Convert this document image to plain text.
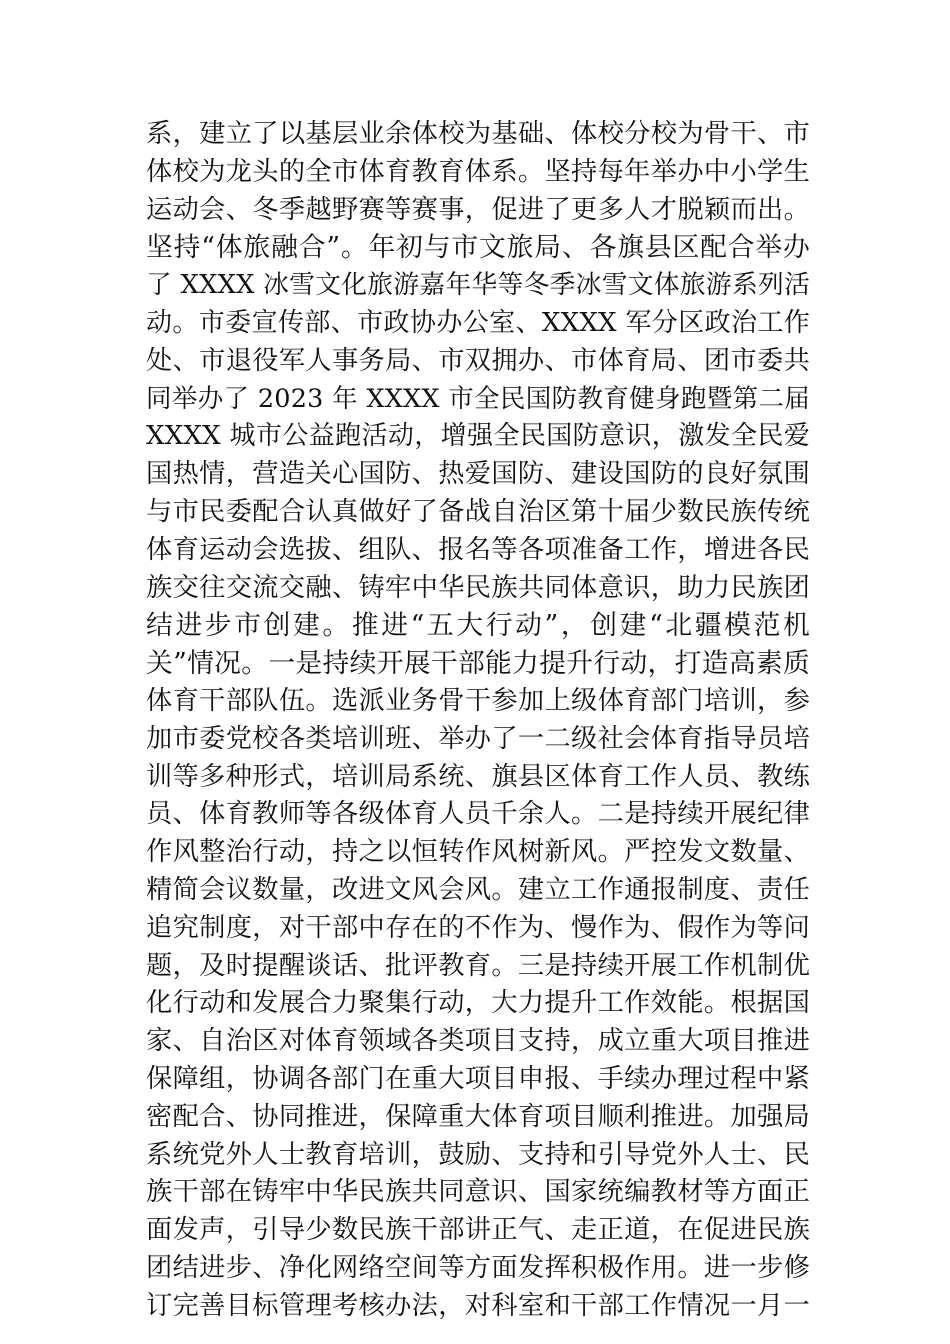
系，建立了以基层业余体校为基础、体校分校为骨干、市
体校为龙头的全市体育教育体系。坚持每年举办中小学生
运动会、冬季越野赛等赛事，促进了更多人才脱颖而出。
坚持“体旅融合”。年初与市文旅局、各旗县区配合举办
了 XXXX 冰雪文化旅游嘉年华等冬季冰雪文体旅游系列活
动。市委宣传部、市政协办公室、XXXX 军分区政治工作
处、市退役军人事务局、市双拥办、市体育局、团市委共
同举办了 2023 年 XXXX 市全民国防教育健身跑暨第二届
XXXX 城市公益跑活动，增强全民国防意识，激发全民爱
国热情，营造关心国防、热爱国防、建设国防的良好氛围
与市民委配合认真做好了备战自治区第十届少数民族传统
体育运动会选拔、组队、报名等各项准备工作，增进各民
族交往交流交融、铸牢中华民族共同体意识，助力民族团
结进步市创建。推进“五大行动”，创建“北疆模范机
关”情况。一是持续开展干部能力提升行动，打造高素质
体育干部队伍。选派业务骨干参加上级体育部门培训，参
加市委党校各类培训班、举办了一二级社会体育指导员培
训等多种形式，培训局系统、旗县区体育工作人员、教练
员、体育教师等各级体育人员千余人。二是持续开展纪律
作风整治行动，持之以恒转作风树新风。严控发文数量、
精简会议数量，改进文风会风。建立工作通报制度、责任
追究制度，对干部中存在的不作为、慢作为、假作为等问
题，及时提醒谈话、批评教育。三是持续开展工作机制优
化行动和发展合力聚集行动，大力提升工作效能。根据国
家、自治区对体育领域各类项目支持，成立重大项目推进
保障组，协调各部门在重大项目申报、手续办理过程中紧
密配合、协同推进，保障重大体育项目顺利推进。加强局
系统党外人士教育培训，鼓励、支持和引导党外人士、民
族干部在铸牢中华民族共同意识、国家统编教材等方面正
面发声，引导少数民族干部讲正气、走正道，在促进民族
团结进步、净化网络空间等方面发挥积极作用。进一步修
订完善目标管理考核办法，对科室和干部工作情况一月一
